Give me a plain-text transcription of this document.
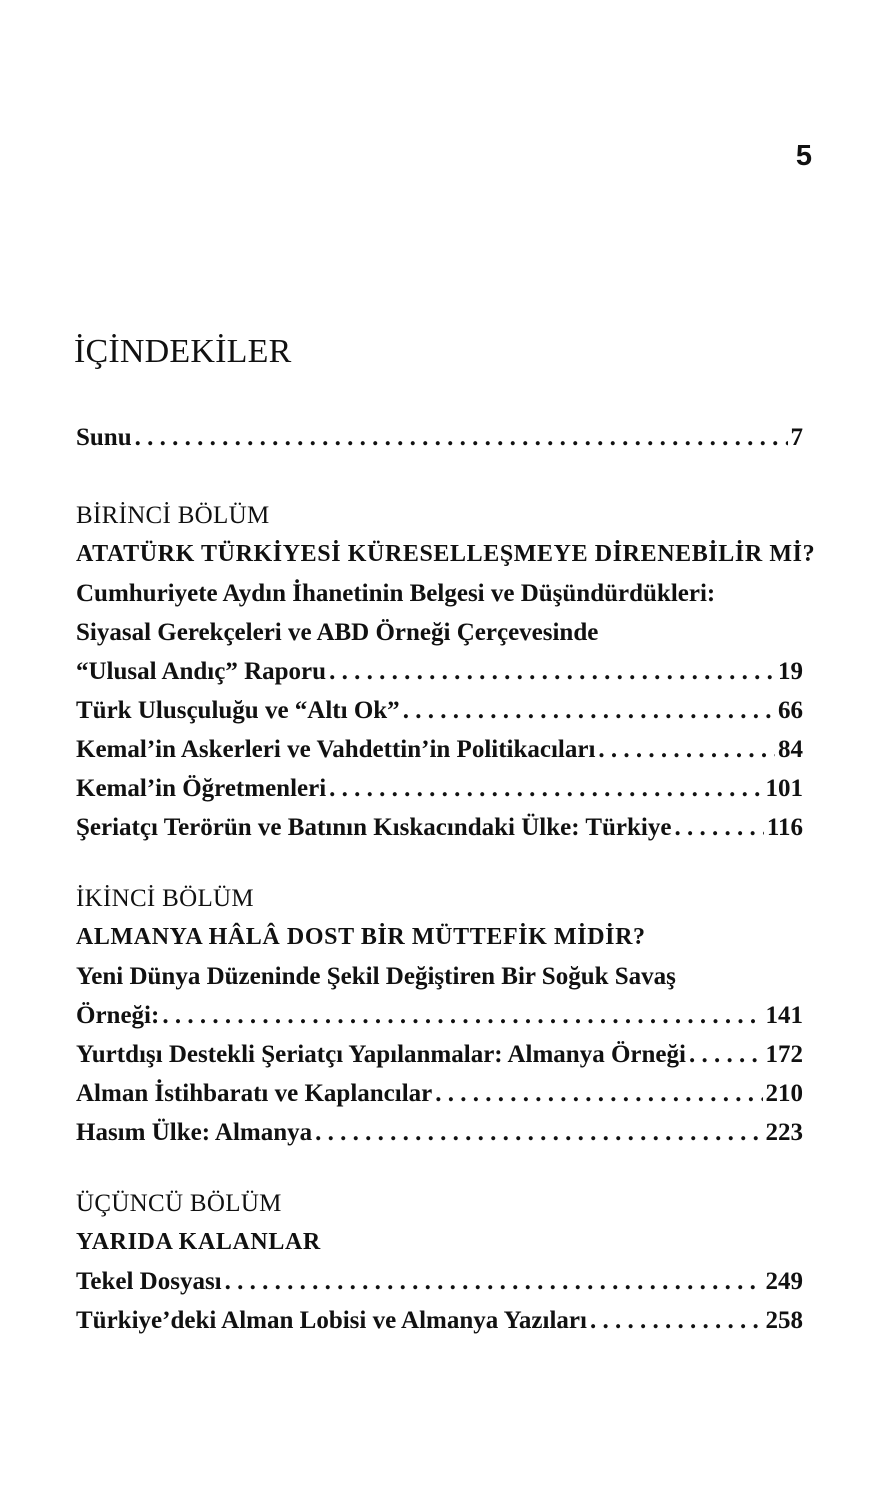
5
İÇİNDEKİLER
Sunu . . .	7
BİRİNCİ BÖLÜM
ATATÜRK TÜRKİYESİ KÜRESELLEŞMEYE DİRENEBİLİR Mİ?
Cumhuriyete Aydın İhanetinin Belgesi ve Düşündürdükleri:
Siyasal Gerekçeleri ve ABD Örneği Çerçevesinde
“Ulusal Andıç” Raporu . . .	19
Türk Ulusçuluğu ve “Altı Ok” . . .	66
Kemal’in Askerleri ve Vahdettin’in Politikacıları . . .	84
Kemal’in Öğretmenleri . . .	101
Şeriatçı Terörün ve Batının Kıskacındaki Ülke: Türkiye . . .	116
İKİNCİ BÖLÜM
ALMANYA HÂLÂ DOST BİR MÜTTEFİK MİDİR?
Yeni Dünya Düzeninde Şekil Değiştiren Bir Soğuk Savaş
Örneği: . . .	141
Yurtdışı Destekli Şeriatçı Yapılanmalar: Almanya Örneği . . .	172
Alman İstihbaratı ve Kaplancılar . . .	210
Hasım Ülke: Almanya . . .	223
ÜÇÜNCÜ BÖLÜM
YARIDA KALANLAR
Tekel Dosyası . . .	249
Türkiye’deki Alman Lobisi ve Almanya Yazıları . . .	258
